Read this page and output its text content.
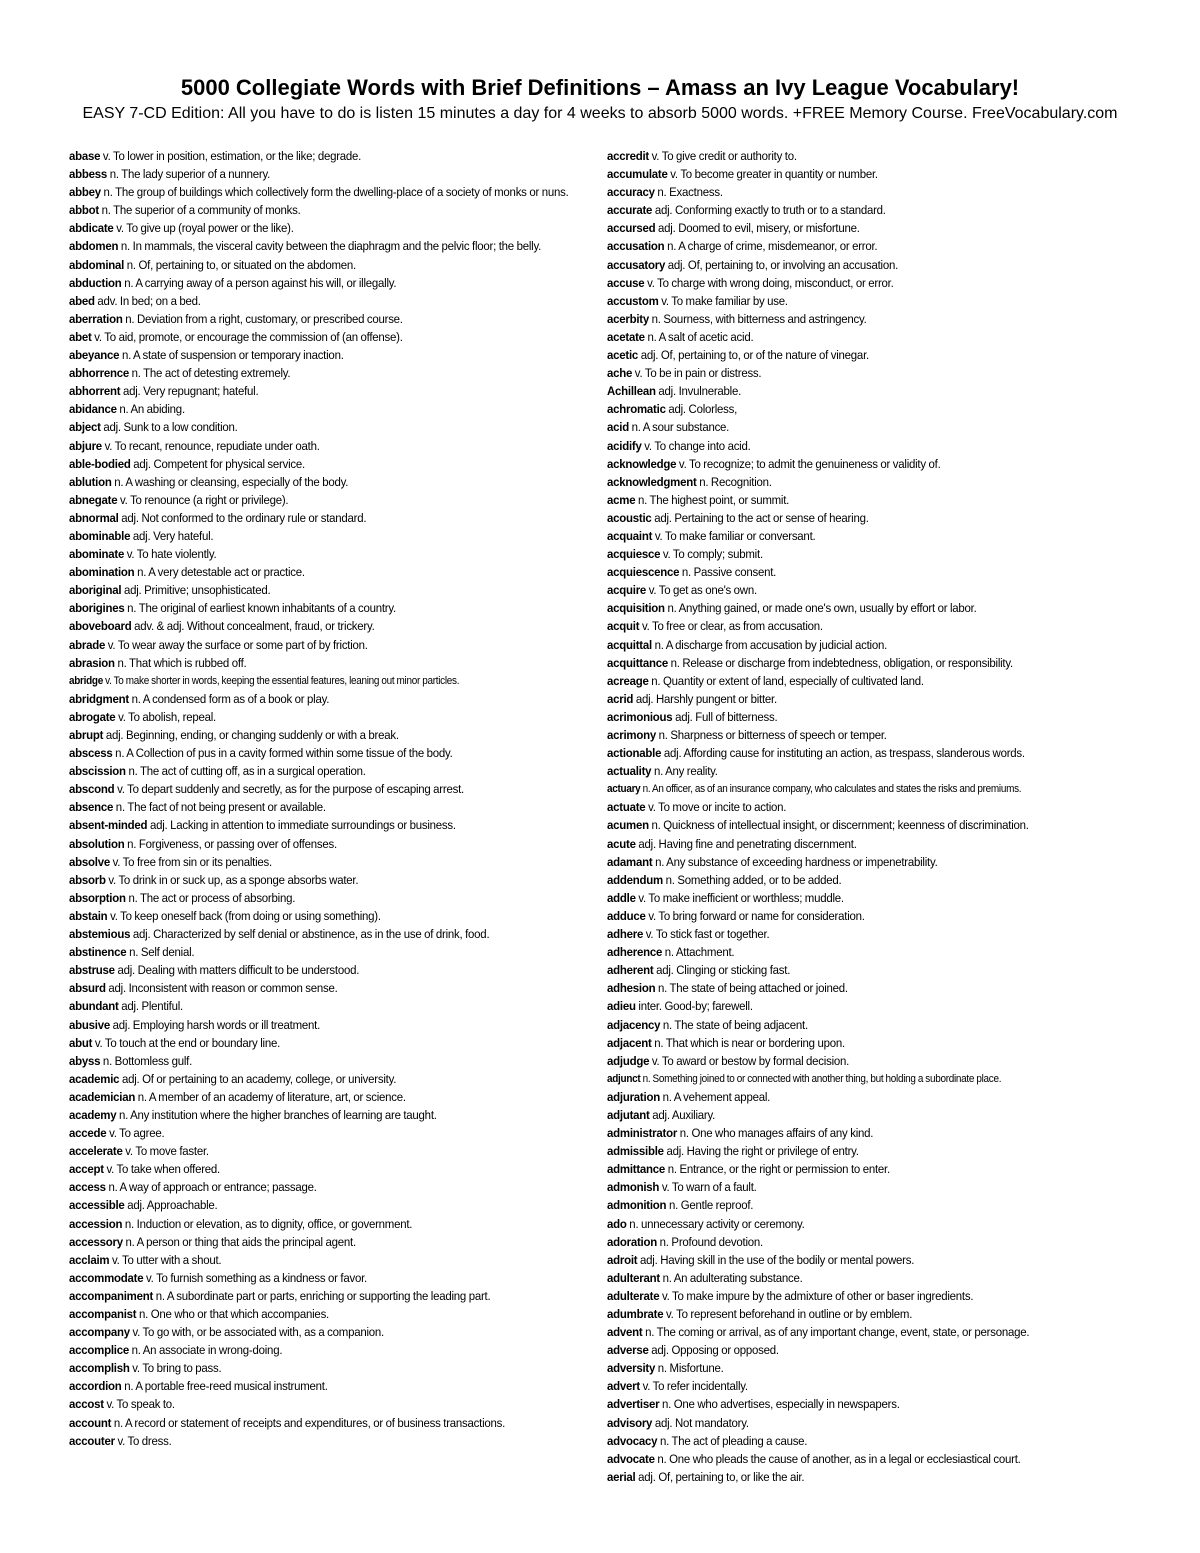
5000 Collegiate Words with Brief Definitions – Amass an Ivy League Vocabulary!
EASY 7-CD Edition: All you have to do is listen 15 minutes a day for 4 weeks to absorb 5000 words. +FREE Memory Course. FreeVocabulary.com
abase v. To lower in position, estimation, or the like; degrade.
abbess n. The lady superior of a nunnery.
abbey n. The group of buildings which collectively form the dwelling-place of a society of monks or nuns.
abbot n. The superior of a community of monks.
abdicate v. To give up (royal power or the like).
abdomen n. In mammals, the visceral cavity between the diaphragm and the pelvic floor; the belly.
abdominal n. Of, pertaining to, or situated on the abdomen.
abduction n. A carrying away of a person against his will, or illegally.
abed adv. In bed; on a bed.
aberration n. Deviation from a right, customary, or prescribed course.
abet v. To aid, promote, or encourage the commission of (an offense).
abeyance n. A state of suspension or temporary inaction.
abhorrence n. The act of detesting extremely.
abhorrent adj. Very repugnant; hateful.
abidance n. An abiding.
abject adj. Sunk to a low condition.
abjure v. To recant, renounce, repudiate under oath.
able-bodied adj. Competent for physical service.
ablution n. A washing or cleansing, especially of the body.
abnegate v. To renounce (a right or privilege).
abnormal adj. Not conformed to the ordinary rule or standard.
abominable adj. Very hateful.
abominate v. To hate violently.
abomination n. A very detestable act or practice.
aboriginal adj. Primitive; unsophisticated.
aborigines n. The original of earliest known inhabitants of a country.
aboveboard adv. & adj. Without concealment, fraud, or trickery.
abrade v. To wear away the surface or some part of by friction.
abrasion n. That which is rubbed off.
abridge v. To make shorter in words, keeping the essential features, leaning out minor particles.
abridgment n. A condensed form as of a book or play.
abrogate v. To abolish, repeal.
abrupt adj. Beginning, ending, or changing suddenly or with a break.
abscess n. A Collection of pus in a cavity formed within some tissue of the body.
abscission n. The act of cutting off, as in a surgical operation.
abscond v. To depart suddenly and secretly, as for the purpose of escaping arrest.
absence n. The fact of not being present or available.
absent-minded adj. Lacking in attention to immediate surroundings or business.
absolution n. Forgiveness, or passing over of offenses.
absolve v. To free from sin or its penalties.
absorb v. To drink in or suck up, as a sponge absorbs water.
absorption n. The act or process of absorbing.
abstain v. To keep oneself back (from doing or using something).
abstemious adj. Characterized by self denial or abstinence, as in the use of drink, food.
abstinence n. Self denial.
abstruse adj. Dealing with matters difficult to be understood.
absurd adj. Inconsistent with reason or common sense.
abundant adj. Plentiful.
abusive adj. Employing harsh words or ill treatment.
abut v. To touch at the end or boundary line.
abyss n. Bottomless gulf.
academic adj. Of or pertaining to an academy, college, or university.
academician n. A member of an academy of literature, art, or science.
academy n. Any institution where the higher branches of learning are taught.
accede v. To agree.
accelerate v. To move faster.
accept v. To take when offered.
access n. A way of approach or entrance; passage.
accessible adj. Approachable.
accession n. Induction or elevation, as to dignity, office, or government.
accessory n. A person or thing that aids the principal agent.
acclaim v. To utter with a shout.
accommodate v. To furnish something as a kindness or favor.
accompaniment n. A subordinate part or parts, enriching or supporting the leading part.
accompanist n. One who or that which accompanies.
accompany v. To go with, or be associated with, as a companion.
accomplice n. An associate in wrong-doing.
accomplish v. To bring to pass.
accordion n. A portable free-reed musical instrument.
accost v. To speak to.
account n. A record or statement of receipts and expenditures, or of business transactions.
accouter v. To dress.
accredit v. To give credit or authority to.
accumulate v. To become greater in quantity or number.
accuracy n. Exactness.
accurate adj. Conforming exactly to truth or to a standard.
accursed adj. Doomed to evil, misery, or misfortune.
accusation n. A charge of crime, misdemeanor, or error.
accusatory adj. Of, pertaining to, or involving an accusation.
accuse v. To charge with wrong doing, misconduct, or error.
accustom v. To make familiar by use.
acerbity n. Sourness, with bitterness and astringency.
acetate n. A salt of acetic acid.
acetic adj. Of, pertaining to, or of the nature of vinegar.
ache v. To be in pain or distress.
Achillean adj. Invulnerable.
achromatic adj. Colorless,
acid n. A sour substance.
acidify v. To change into acid.
acknowledge v. To recognize; to admit the genuineness or validity of.
acknowledgment n. Recognition.
acme n. The highest point, or summit.
acoustic adj. Pertaining to the act or sense of hearing.
acquaint v. To make familiar or conversant.
acquiesce v. To comply; submit.
acquiescence n. Passive consent.
acquire v. To get as one's own.
acquisition n. Anything gained, or made one's own, usually by effort or labor.
acquit v. To free or clear, as from accusation.
acquittal n. A discharge from accusation by judicial action.
acquittance n. Release or discharge from indebtedness, obligation, or responsibility.
acreage n. Quantity or extent of land, especially of cultivated land.
acrid adj. Harshly pungent or bitter.
acrimonious adj. Full of bitterness.
acrimony n. Sharpness or bitterness of speech or temper.
actionable adj. Affording cause for instituting an action, as trespass, slanderous words.
actuality n. Any reality.
actuary n. An officer, as of an insurance company, who calculates and states the risks and premiums.
actuate v. To move or incite to action.
acumen n. Quickness of intellectual insight, or discernment; keenness of discrimination.
acute adj. Having fine and penetrating discernment.
adamant n. Any substance of exceeding hardness or impenetrability.
addendum n. Something added, or to be added.
addle v. To make inefficient or worthless; muddle.
adduce v. To bring forward or name for consideration.
adhere v. To stick fast or together.
adherence n. Attachment.
adherent adj. Clinging or sticking fast.
adhesion n. The state of being attached or joined.
adieu inter. Good-by; farewell.
adjacency n. The state of being adjacent.
adjacent n. That which is near or bordering upon.
adjudge v. To award or bestow by formal decision.
adjunct n. Something joined to or connected with another thing, but holding a subordinate place.
adjuration n. A vehement appeal.
adjutant adj. Auxiliary.
administrator n. One who manages affairs of any kind.
admissible adj. Having the right or privilege of entry.
admittance n. Entrance, or the right or permission to enter.
admonish v. To warn of a fault.
admonition n. Gentle reproof.
ado n. unnecessary activity or ceremony.
adoration n. Profound devotion.
adroit adj. Having skill in the use of the bodily or mental powers.
adulterant n. An adulterating substance.
adulterate v. To make impure by the admixture of other or baser ingredients.
adumbrate v. To represent beforehand in outline or by emblem.
advent n. The coming or arrival, as of any important change, event, state, or personage.
adverse adj. Opposing or opposed.
adversity n. Misfortune.
advert v. To refer incidentally.
advertiser n. One who advertises, especially in newspapers.
advisory adj. Not mandatory.
advocacy n. The act of pleading a cause.
advocate n. One who pleads the cause of another, as in a legal or ecclesiastical court.
aerial adj. Of, pertaining to, or like the air.
